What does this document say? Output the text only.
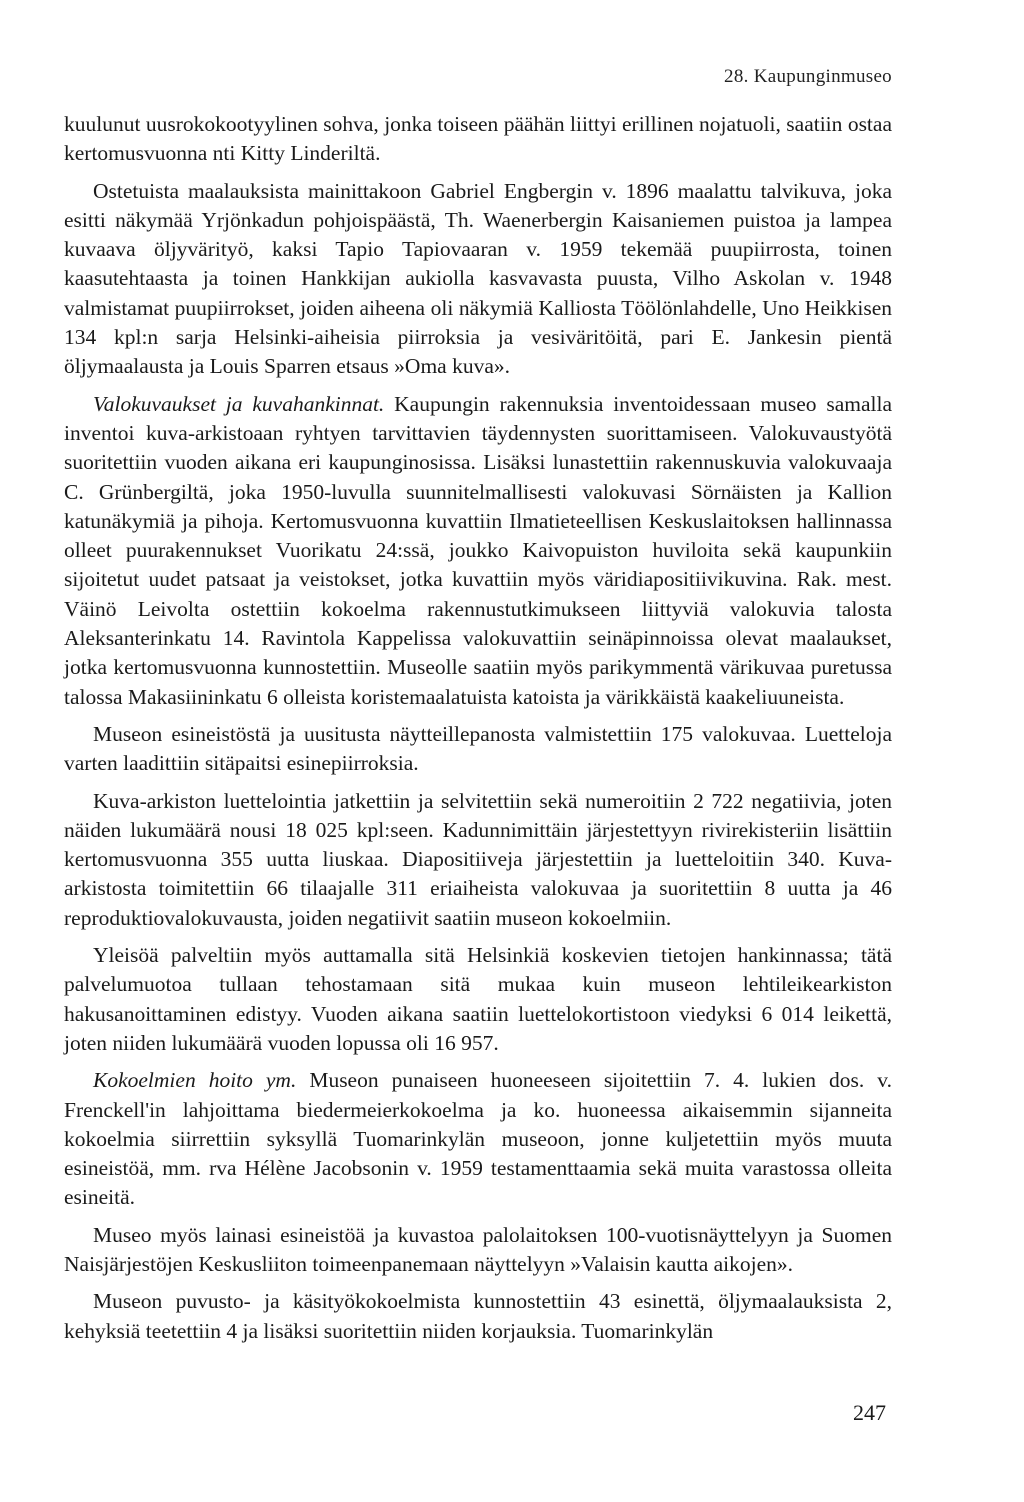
28. Kaupunginmuseo

kuulunut uusrokokootyylinen sohva, jonka toiseen päähän liittyi erillinen nojatuoli, saatiin ostaa kertomusvuonna nti Kitty Linderiltä.

Ostetuista maalauksista mainittakoon Gabriel Engbergin v. 1896 maalattu talvikuva, joka esitti näkymää Yrjönkadun pohjoispäästä, Th. Waenerbergin Kaisaniemen puistoa ja lampea kuvaava öljyvärityö, kaksi Tapio Tapiovaaran v. 1959 tekemää puupiirrosta, toinen kaasutehtaasta ja toinen Hankkijan aukiolla kasvavasta puusta, Vilho Askolan v. 1948 valmistamat puupiirrokset, joiden aiheena oli näkymiä Kalliosta Töölönlahdelle, Uno Heikkisen 134 kpl:n sarja Helsinki-aiheisia piirroksia ja vesiväritöitä, pari E. Jankesin pientä öljymaalausta ja Louis Sparren etsaus »Oma kuva».

Valokuvaukset ja kuvahankinnat. Kaupungin rakennuksia inventoidessaan museo samalla inventoi kuva-arkistoaan ryhtyen tarvittavien täydennysten suorittamiseen. Valokuvaustyötä suoritettiin vuoden aikana eri kaupunginosissa. Lisäksi lunastettiin rakennuskuvia valokuvaaja C. Grünbergiltä, joka 1950-luvulla suunnitelmallisesti valokuvasi Sörnäisten ja Kallion katunäkymiä ja pihoja. Kertomusvuonna kuvattiin Ilmatieteellisen Keskuslaitoksen hallinnassa olleet puurakennukset Vuorikatu 24:ssä, joukko Kaivopuiston huviloita sekä kaupunkiin sijoitetut uudet patsaat ja veistokset, jotka kuvattiin myös väridiapositiivikuvina. Rak. mest. Väinö Leivolta ostettiin kokoelma rakennustutkimukseen liittyviä valokuvia talosta Aleksanterinkatu 14. Ravintola Kappelissa valokuvattiin seinäpinnoissa olevat maalaukset, jotka kertomusvuonna kunnostettiin. Museolle saatiin myös parikymmentä värikuvaa puretussa talossa Makasiininkatu 6 olleista koristemaalatuista katoista ja värikkäistä kaakeliuuneista.

Museon esineistöstä ja uusitusta näytteillepanosta valmistettiin 175 valokuvaa. Luetteloja varten laadittiin sitäpaitsi esinepiirroksia.

Kuva-arkiston luettelointia jatkettiin ja selvitettiin sekä numeroitiin 2 722 negatiivia, joten näiden lukumäärä nousi 18 025 kpl:seen. Kadunnimittäin järjestettyyn rivirekisteriin lisättiin kertomusvuonna 355 uutta liuskaa. Diapositiiveja järjestettiin ja luetteloitiin 340. Kuva-arkistosta toimitettiin 66 tilaajalle 311 eriaiheista valokuvaa ja suoritettiin 8 uutta ja 46 reproduktiovalokuvausta, joiden negatiivit saatiin museon kokoelmiin.

Yleisöä palveltiin myös auttamalla sitä Helsinkiä koskevien tietojen hankinnassa; tätä palvelumuotoa tullaan tehostamaan sitä mukaa kuin museon lehtileikearkiston hakusanoittaminen edistyy. Vuoden aikana saatiin luettelokortistoon viedyksi 6 014 leikettä, joten niiden lukumäärä vuoden lopussa oli 16 957.

Kokoelmien hoito ym. Museon punaiseen huoneeseen sijoitettiin 7. 4. lukien dos. v. Frenckell'in lahjoittama biedermeierkokoelma ja ko. huoneessa aikaisemmin sijanneita kokoelmia siirrettiin syksyllä Tuomarinkylän museoon, jonne kuljetettiin myös muuta esineistöä, mm. rva Hélène Jacobsonin v. 1959 testamenttaamia sekä muita varastossa olleita esineitä.

Museo myös lainasi esineistöä ja kuvastoa palolaitoksen 100-vuotisnäyttelyyn ja Suomen Naisjärjestöjen Keskusliiton toimeenpanemaan näyttelyyn »Valaisin kautta aikojen».

Museon puvusto- ja käsityökokoelmista kunnostettiin 43 esinettä, öljymaalauksista 2, kehyksiä teetettiin 4 ja lisäksi suoritettiin niiden korjauksia. Tuomarinkylän

247
